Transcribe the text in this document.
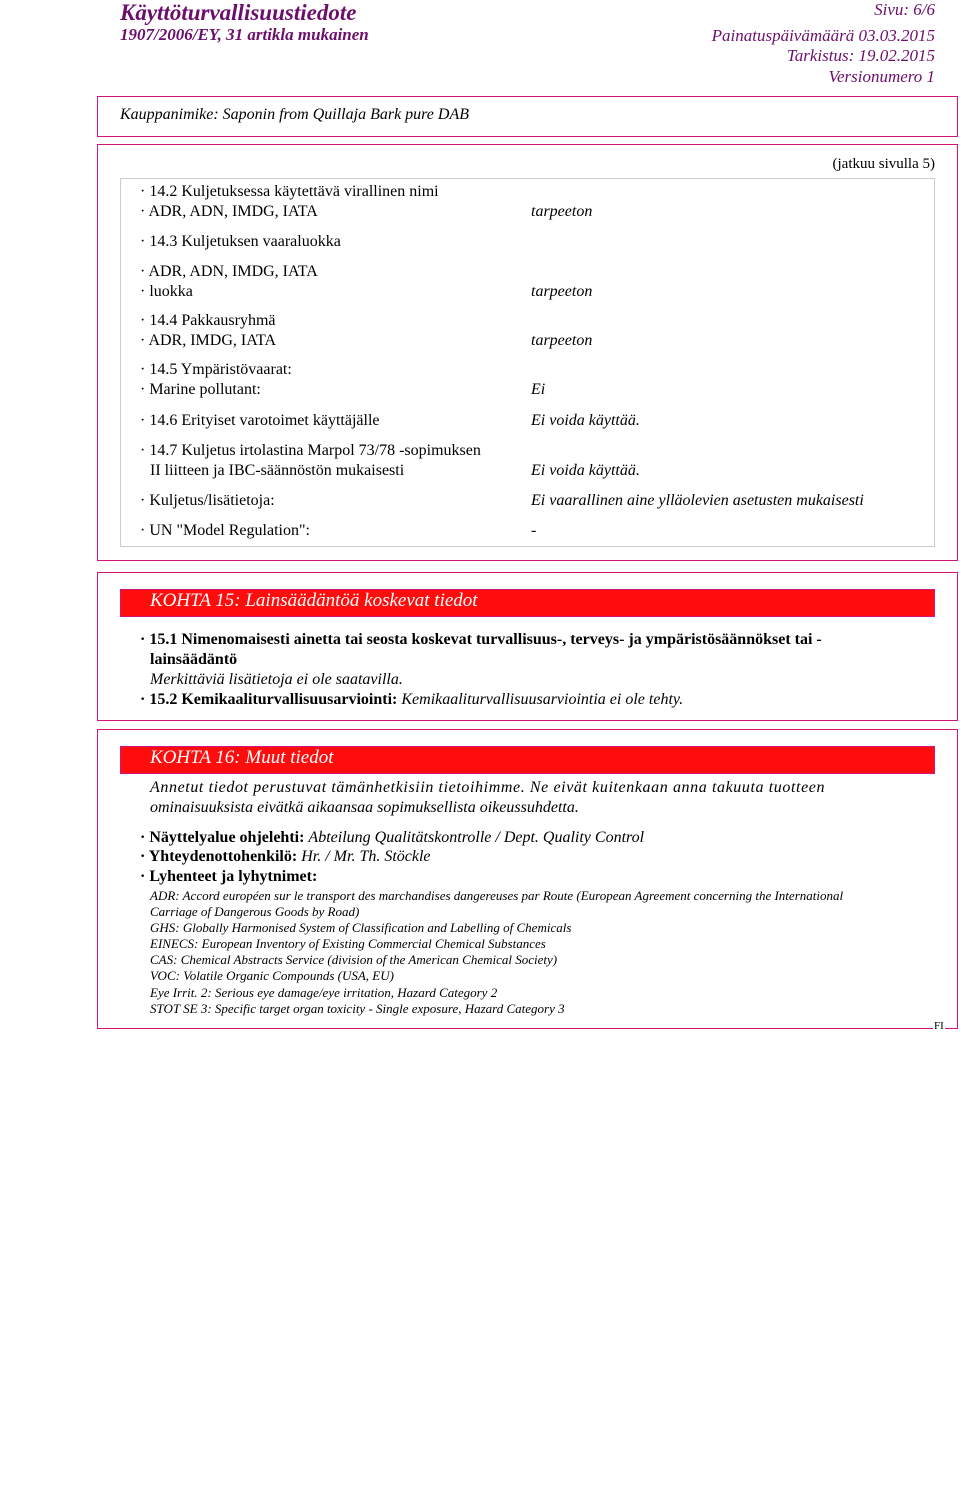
Käyttöturvallisuustiedote
1907/2006/EY, 31 artikla mukainen
Sivu: 6/6
Painatuspäivämäärä 03.03.2015
Tarkistus: 19.02.2015
Versionumero 1
Kauppanimike: Saponin from Quillaja Bark pure DAB
(jatkuu sivulla 5)
· 14.2 Kuljetuksessa käytettävä virallinen nimi
· ADR, ADN, IMDG, IATA	tarpeeton
· 14.3 Kuljetuksen vaaraluokka
· ADR, ADN, IMDG, IATA
· luokka	tarpeeton
· 14.4 Pakkausryhmä
· ADR, IMDG, IATA	tarpeeton
· 14.5 Ympäristövaarat:
· Marine pollutant:	Ei
· 14.6 Erityiset varotoimet käyttäjälle	Ei voida käyttää.
· 14.7 Kuljetus irtolastina Marpol 73/78 -sopimuksen
II liitteen ja IBC-säännöstön mukaisesti	Ei voida käyttää.
· Kuljetus/lisätietoja:	Ei vaarallinen aine ylläolevien asetusten mukaisesti
· UN "Model Regulation":	-
KOHTA 15: Lainsäädäntöä koskevat tiedot
· 15.1 Nimenomaisesti ainetta tai seosta koskevat turvallisuus-, terveys- ja ympäristösäännökset tai -
lainsäädäntö
Merkittäviä lisätietoja ei ole saatavilla.
· 15.2 Kemikaaliturvallisuusarviointi: Kemikaaliturvallisuusarviointia ei ole tehty.
KOHTA 16: Muut tiedot
Annetut tiedot perustuvat tämänhetkisiin tietoihimme. Ne eivät kuitenkaan anna takuuta tuotteen
ominaisuuksista eivätkä aikaansaa sopimuksellista oikeussuhdetta.
· Näyttelyalue ohjelehti: Abteilung Qualitätskontrolle / Dept. Quality Control
· Yhteydenottohenkilö: Hr. / Mr. Th. Stöckle
· Lyhenteet ja lyhytnimet:
ADR: Accord européen sur le transport des marchandises dangereuses par Route (European Agreement concerning the International
Carriage of Dangerous Goods by Road)
GHS: Globally Harmonised System of Classification and Labelling of Chemicals
EINECS: European Inventory of Existing Commercial Chemical Substances
CAS: Chemical Abstracts Service (division of the American Chemical Society)
VOC: Volatile Organic Compounds (USA, EU)
Eye Irrit. 2: Serious eye damage/eye irritation, Hazard Category 2
STOT SE 3: Specific target organ toxicity - Single exposure, Hazard Category 3
FI
